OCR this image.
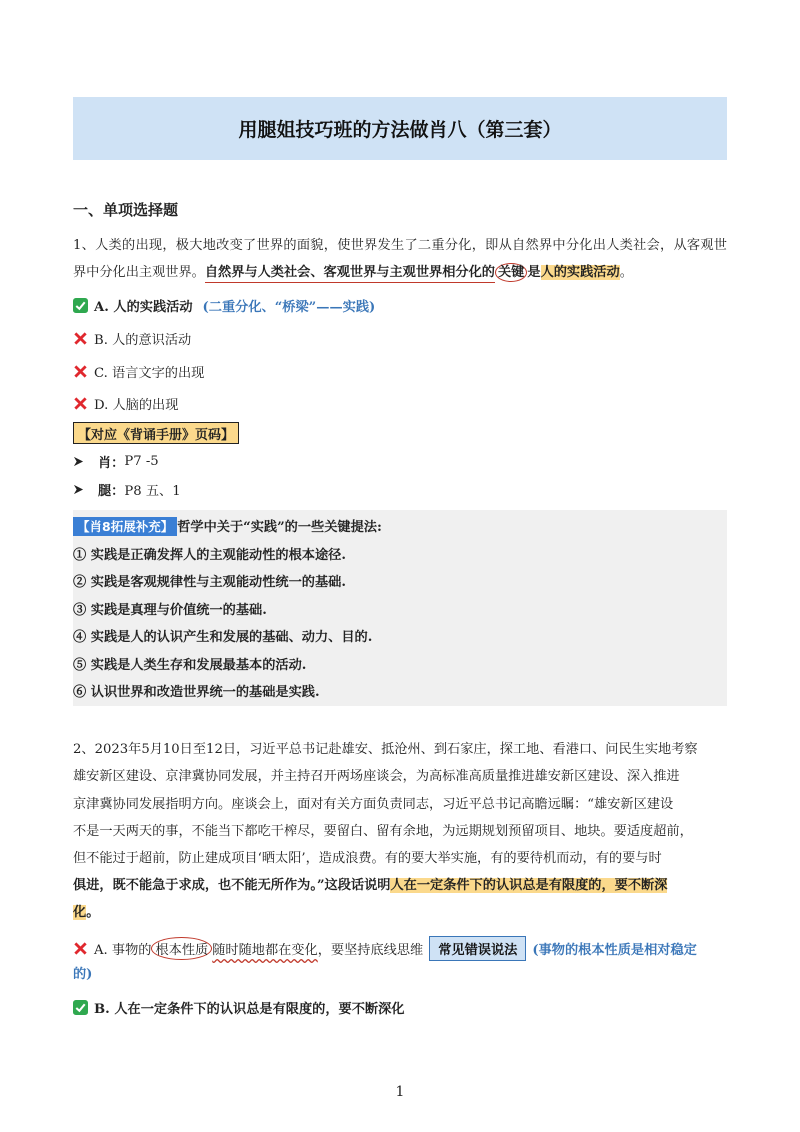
用腿姐技巧班的方法做肖八（第三套）
一、单项选择题
1、人类的出现，极大地改变了世界的面貌，使世界发生了二重分化，即从自然界中分化出人类社会，从客观世界中分化出主观世界。自然界与人类社会、客观世界与主观世界相分化的 关键 是人的实践活动。
A. 人的实践活动 (二重分化、“桥梁”——实践)
B. 人的意识活动
C. 语言文字的出现
D. 人脑的出现
【对应《背诵手册》页码】
肖： P7 -5
腿： P8 五、1
【肖8拓展补充】 哲学中关于“实践”的一些关键提法:
① 实践是正确发挥人的主观能动性的根本途径.
② 实践是客观规律性与主观能动性统一的基础.
③ 实践是真理与价值统一的基础.
④ 实践是人的认识产生和发展的基础、动力、目的.
⑤ 实践是人类生存和发展最基本的活动.
⑥ 认识世界和改造世界统一的基础是实践.
2、2023年5月10日至12日，习近平总书记赴雄安、抵沧州、到石家庄，探工地、看港口、问民生实地考察
雄安新区建设、京津冀协同发展，并主持召开两场座谈会，为高标准高质量推进雄安新区建设、深入推进
京津冀协同发展指明方向。座谈会上，面对有关方面负责同志，习近平总书记高瞻远瞩：“雄安新区建设
不是一天两天的事，不能当下都吃干榨尽，要留白、留有余地，为远期规划预留项目、地块。要适度超前，
但不能过于超前，防止建成项目‘晒太阳’，造成浪费。有的要大举实施，有的要待机而动，有的要与时
俱进，既不能急于求成，也不能无所作为。”这段话说明人在一定条件下的认识总是有限度的，要不断深
化。
A. 事物的 根本性质 随时随地都在变化 ，要坚持底线思维	常见错误说法	(事物的根本性质是相对稳定
的)
B. 人在一定条件下的认识总是有限度的，要不断深化
1
